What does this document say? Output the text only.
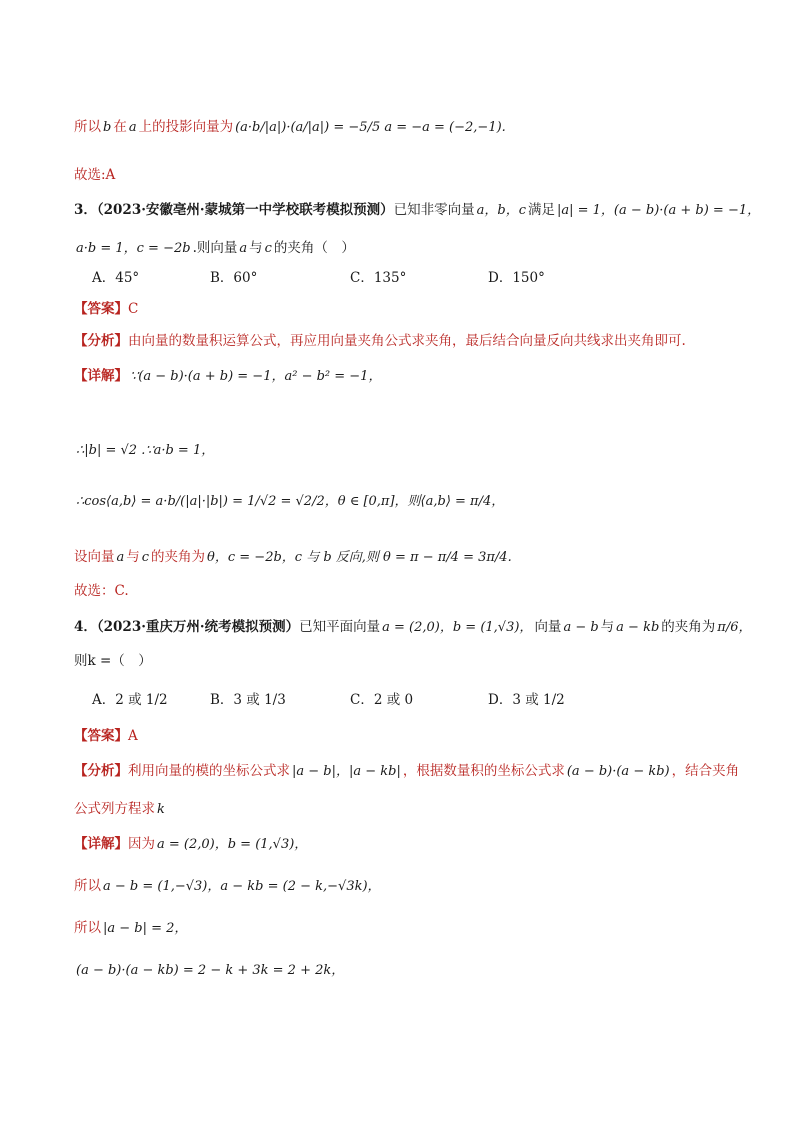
所以 b 在 a 上的投影向量为 (a·b/|a|)·(a/|a|) = −5/5 a = −a = (−2,−1).
故选:A
3．（2023·安徽亳州·蒙城第一中学校联考模拟预测）已知非零向量 a，b，c 满足 |a| = 1，(a − b)·(a + b) = −1，
a·b = 1，c = −2b .则向量 a 与 c 的夹角（　）
A．45°	B．60°	C．135°	D．150°
【答案】C
【分析】由向量的数量积运算公式，再应用向量夹角公式求夹角，最后结合向量反向共线求出夹角即可.
【详解】 ∵(a − b)·(a + b) = −1，a² − b² = −1，
∴|b| = √2 .∵a·b = 1，
∴cos⟨a,b⟩ = a·b/(|a|·|b|) = 1/√2 = √2/2，θ ∈ [0,π]，则⟨a,b⟩ = π/4，
设向量 a 与 c 的夹角为 θ，c = −2b，c 与 b 反向,则 θ = π − π/4 = 3π/4.
故选：C.
4．（2023·重庆万州·统考模拟预测）已知平面向量 a = (2,0)，b = (1,√3)， 向量 a − b 与 a − kb 的夹角为 π/6，
则k =（　）
A．2 或 1/2	B．3 或 1/3	C．2 或 0	D．3 或 1/2
【答案】A
【分析】利用向量的模的坐标公式求 |a − b|，|a − kb| ，根据数量积的坐标公式求 (a − b)·(a − kb) ，结合夹角
公式列方程求 k
【详解】因为 a = (2,0)，b = (1,√3)，
所以 a − b = (1,−√3)，a − kb = (2 − k,−√3k)，
所以 |a − b| = 2，
(a − b)·(a − kb) = 2 − k + 3k = 2 + 2k，
